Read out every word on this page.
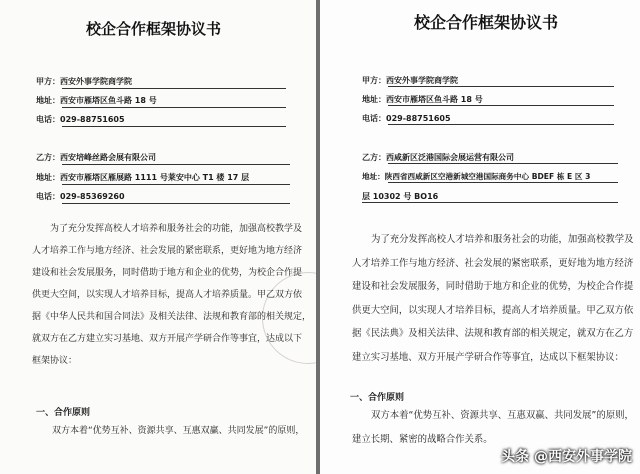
校企合作框架协议书
甲方：西安外事学院商学院
地址：西安市雁塔区鱼斗路 18 号
电话：029-88751605
乙方：西安培峰丝路会展有限公司
地址：西安市雁塔区雁展路 1111 号莱安中心 T1 楼 17 层
电话：029-85369260
为了充分发挥高校人才培养和服务社会的功能，加强高校教学及
人才培养工作与地方经济、社会发展的紧密联系，更好地为地方经济
建设和社会发展服务，同时借助于地方和企业的优势，为校企合作提
供更大空间，以实现人才培养目标，提高人才培养质量。甲乙双方依
据《中华人民共和国合同法》及相关法律、法规和教育部的相关规定，
就双方在乙方建立实习基地、双方开展产学研合作等事宜，达成以下
框架协议：
一、合作原则
双方本着“优势互补、资源共享、互惠双赢、共同发展”的原则，
校企合作框架协议书
甲方：西安外事学院商学院
地址：西安市雁塔区鱼斗路 18 号
电话：029-88751605
乙方：西咸新区泛港国际会展运营有限公司
地址：陕西省西咸新区空港新城空港国际商务中心 BDEF 栋 E 区 3
层 10302 号 BO16
为了充分发挥高校人才培养和服务社会的功能，加强高校教学及
人才培养工作与地方经济、社会发展的紧密联系，更好地为地方经济
建设和社会发展服务，同时借助于地方和企业的优势，为校企合作提
供更大空间，以实现人才培养目标，提高人才培养质量。甲乙双方依
据《民法典》及相关法律、法规和教育部的相关规定，就双方在乙方
建立实习基地、双方开展产学研合作等事宜，达成以下框架协议：
一、合作原则
双方本着“优势互补、资源共享、互惠双赢、共同发展”的原则，
建立长期、紧密的战略合作关系。
头条 @西安外事学院
